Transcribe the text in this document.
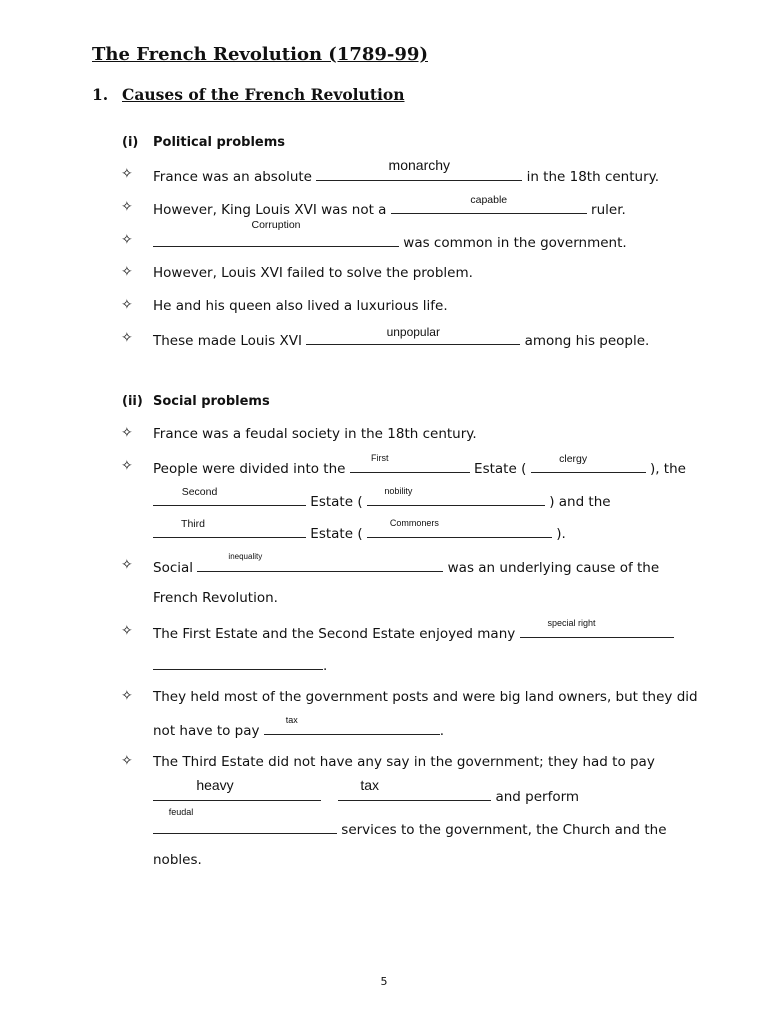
The French Revolution (1789-99)
1. Causes of the French Revolution
(i) Political problems
✧ France was an absolute
monarchy
in the 18th century.
✧ However, King Louis XVI was not a
capable
ruler.
✧
Corruption
was common in the government.
✧ However, Louis XVI failed to solve the problem.
✧ He and his queen also lived a luxurious life.
✧ These made Louis XVI
unpopular
among his people.
(ii) Social problems
✧ France was a feudal society in the 18th century.
✧ People were divided into the
First
Estate (
clergy
), the
Second
Estate (
nobility
) and the
Third
Estate (
Commoners
).
✧ Social
inequality
was an underlying cause of the
French Revolution.
✧ The First Estate and the Second Estate enjoyed many
special right
.
✧ They held most of the government posts and were big land owners, but they did
not have to pay
tax
.
✧ The Third Estate did not have any say in the government; they had to pay
heavy
	tax
and perform
feudal
services to the government, the Church and the
nobles.
5
